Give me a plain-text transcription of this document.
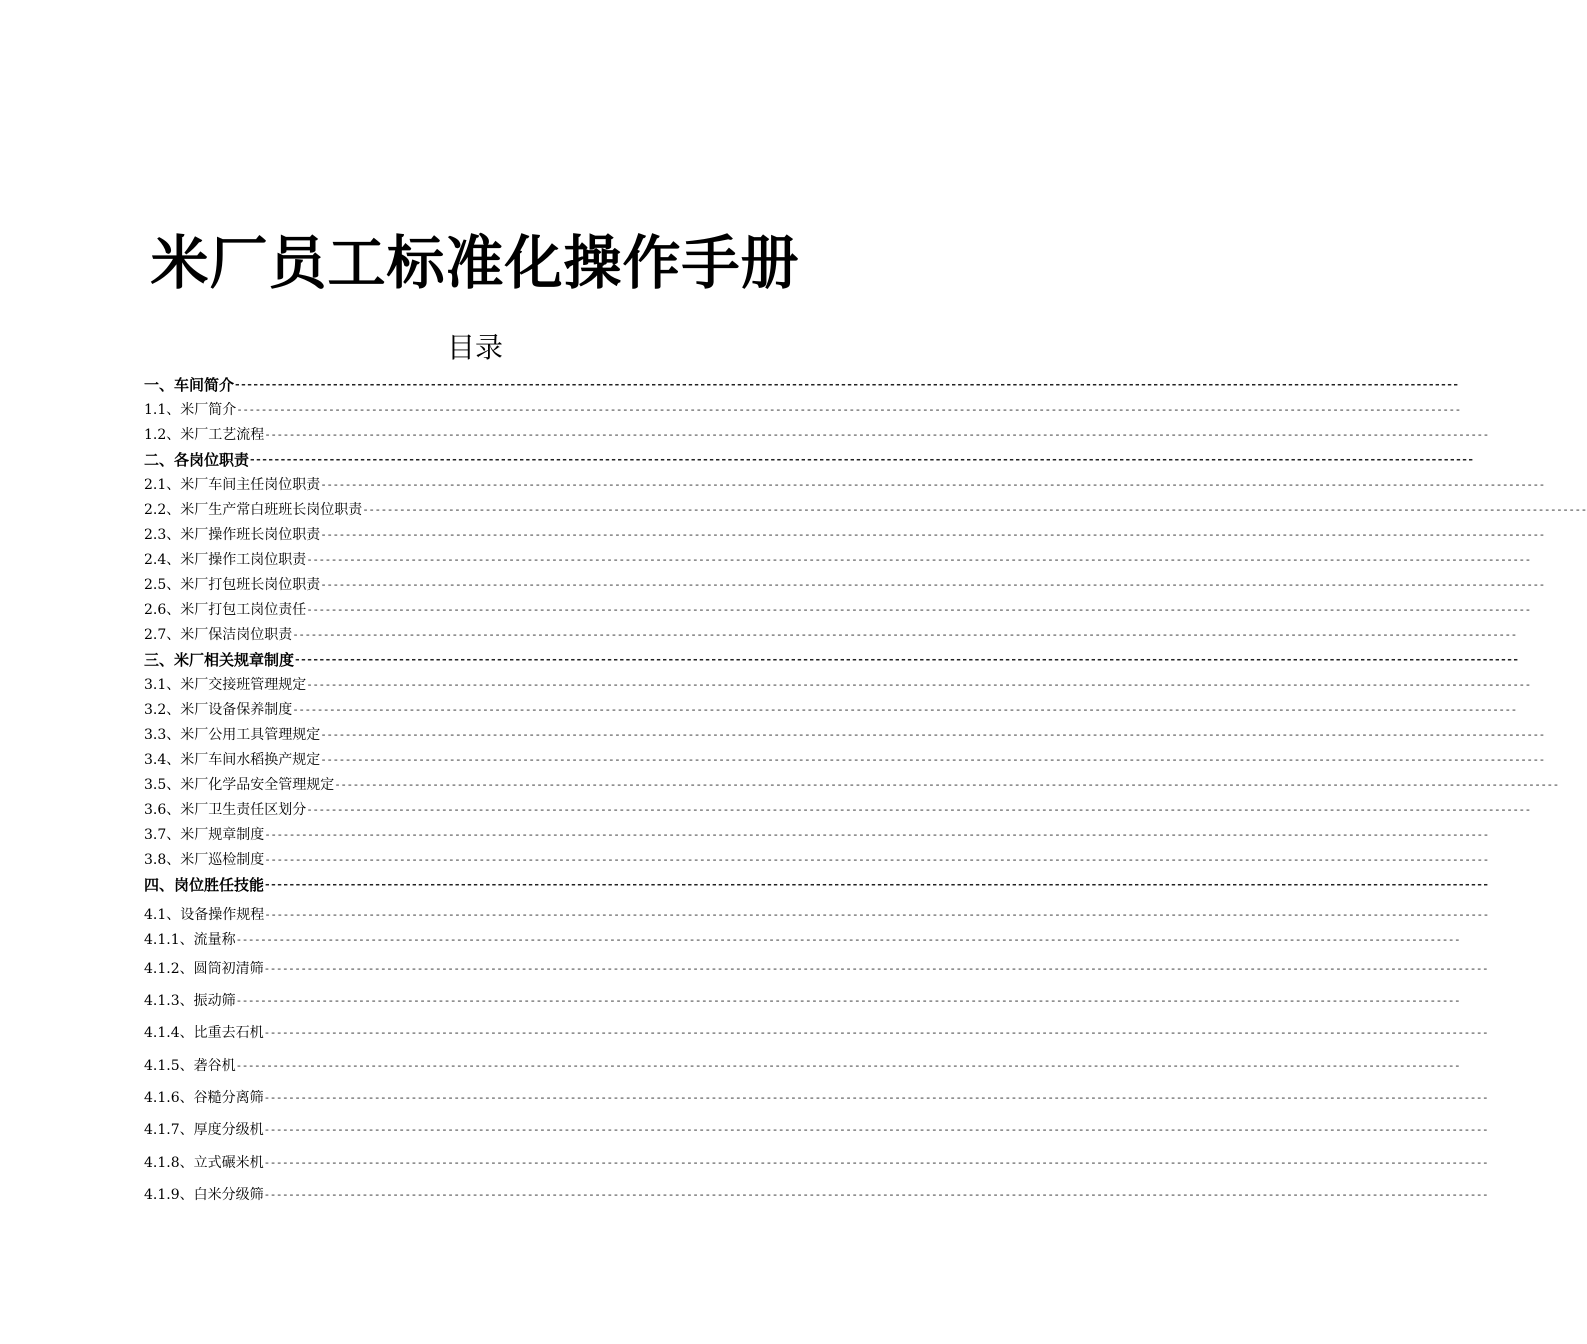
米厂员工标准化操作手册
目录
一、 车间简介 --------------------------------------------------------------------------------------------------------------------------------------------------------------------------------------------------------
1.1、 米厂简介 --------------------------------------------------------------------------------------------------------------------------------------------------------------------------------------------------------
1.2、 米厂工艺流程 --------------------------------------------------------------------------------------------------------------------------------------------------------------------------------------------------------
二、 各岗位职责 --------------------------------------------------------------------------------------------------------------------------------------------------------------------------------------------------------
2.1、 米厂车间主任岗位职责 --------------------------------------------------------------------------------------------------------------------------------------------------------------------------------------------------------
2.2、 米厂生产常白班班长岗位职责 --------------------------------------------------------------------------------------------------------------------------------------------------------------------------------------------------------
2.3、 米厂操作班长岗位职责 --------------------------------------------------------------------------------------------------------------------------------------------------------------------------------------------------------
2.4、 米厂操作工岗位职责 --------------------------------------------------------------------------------------------------------------------------------------------------------------------------------------------------------
2.5、 米厂打包班长岗位职责 --------------------------------------------------------------------------------------------------------------------------------------------------------------------------------------------------------
2.6、 米厂打包工岗位责任 --------------------------------------------------------------------------------------------------------------------------------------------------------------------------------------------------------
2.7、 米厂保洁岗位职责 --------------------------------------------------------------------------------------------------------------------------------------------------------------------------------------------------------
三、 米厂相关规章制度 --------------------------------------------------------------------------------------------------------------------------------------------------------------------------------------------------------
3.1、 米厂交接班管理规定 --------------------------------------------------------------------------------------------------------------------------------------------------------------------------------------------------------
3.2、 米厂设备保养制度 --------------------------------------------------------------------------------------------------------------------------------------------------------------------------------------------------------
3.3、 米厂公用工具管理规定 --------------------------------------------------------------------------------------------------------------------------------------------------------------------------------------------------------
3.4、 米厂车间水稻换产规定 --------------------------------------------------------------------------------------------------------------------------------------------------------------------------------------------------------
3.5、 米厂化学品安全管理规定 --------------------------------------------------------------------------------------------------------------------------------------------------------------------------------------------------------
3.6、 米厂卫生责任区划分 --------------------------------------------------------------------------------------------------------------------------------------------------------------------------------------------------------
3.7、 米厂规章制度 --------------------------------------------------------------------------------------------------------------------------------------------------------------------------------------------------------
3.8、 米厂巡检制度 --------------------------------------------------------------------------------------------------------------------------------------------------------------------------------------------------------
四、 岗位胜任技能 --------------------------------------------------------------------------------------------------------------------------------------------------------------------------------------------------------
4.1、 设备操作规程 --------------------------------------------------------------------------------------------------------------------------------------------------------------------------------------------------------
4.1.1、 流量称 --------------------------------------------------------------------------------------------------------------------------------------------------------------------------------------------------------
4.1.2、 圆筒初清筛 --------------------------------------------------------------------------------------------------------------------------------------------------------------------------------------------------------
4.1.3、 振动筛 --------------------------------------------------------------------------------------------------------------------------------------------------------------------------------------------------------
4.1.4、 比重去石机 --------------------------------------------------------------------------------------------------------------------------------------------------------------------------------------------------------
4.1.5、 砻谷机 --------------------------------------------------------------------------------------------------------------------------------------------------------------------------------------------------------
4.1.6、 谷糙分离筛 --------------------------------------------------------------------------------------------------------------------------------------------------------------------------------------------------------
4.1.7、 厚度分级机 --------------------------------------------------------------------------------------------------------------------------------------------------------------------------------------------------------
4.1.8、 立式碾米机 --------------------------------------------------------------------------------------------------------------------------------------------------------------------------------------------------------
4.1.9、 白米分级筛 --------------------------------------------------------------------------------------------------------------------------------------------------------------------------------------------------------
